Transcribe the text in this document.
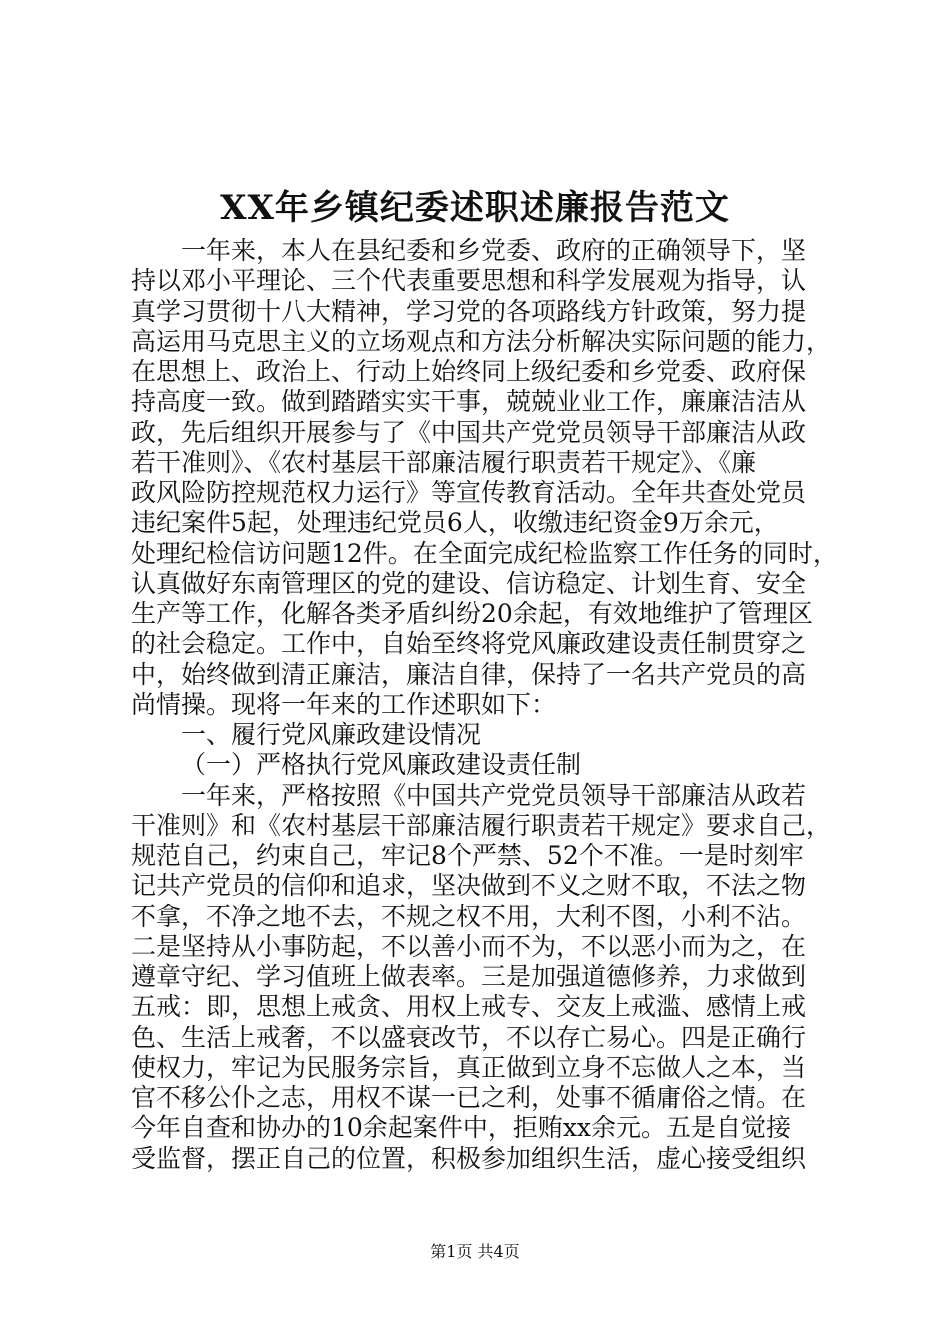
XX年乡镇纪委述职述廉报告范文
一年来，本人在县纪委和乡党委、政府的正确领导下，坚
持以邓小平理论、三个代表重要思想和科学发展观为指导，认
真学习贯彻十八大精神，学习党的各项路线方针政策，努力提
高运用马克思主义的立场观点和方法分析解决实际问题的能力，
在思想上、政治上、行动上始终同上级纪委和乡党委、政府保
持高度一致。做到踏踏实实干事，兢兢业业工作，廉廉洁洁从
政，先后组织开展参与了《中国共产党党员领导干部廉洁从政
若干准则》、《农村基层干部廉洁履行职责若干规定》、《廉
政风险防控规范权力运行》等宣传教育活动。全年共查处党员
违纪案件5起，处理违纪党员6人，收缴违纪资金9万余元，
处理纪检信访问题12件。在全面完成纪检监察工作任务的同时，
认真做好东南管理区的党的建设、信访稳定、计划生育、安全
生产等工作，化解各类矛盾纠纷20余起，有效地维护了管理区
的社会稳定。工作中，自始至终将党风廉政建设责任制贯穿之
中，始终做到清正廉洁，廉洁自律，保持了一名共产党员的高
尚情操。现将一年来的工作述职如下：
一、履行党风廉政建设情况
（一）严格执行党风廉政建设责任制
一年来，严格按照《中国共产党党员领导干部廉洁从政若
干准则》和《农村基层干部廉洁履行职责若干规定》要求自己，
规范自己，约束自己，牢记8个严禁、52个不准。一是时刻牢
记共产党员的信仰和追求，坚决做到不义之财不取，不法之物
不拿，不净之地不去，不规之权不用，大利不图，小利不沾。
二是坚持从小事防起，不以善小而不为，不以恶小而为之，在
遵章守纪、学习值班上做表率。三是加强道德修养，力求做到
五戒：即，思想上戒贪、用权上戒专、交友上戒滥、感情上戒
色、生活上戒奢，不以盛衰改节，不以存亡易心。四是正确行
使权力，牢记为民服务宗旨，真正做到立身不忘做人之本，当
官不移公仆之志，用权不谋一已之利，处事不循庸俗之情。在
今年自查和协办的10余起案件中，拒贿xx余元。五是自觉接
受监督，摆正自己的位置，积极参加组织生活，虚心接受组织
第1页 共4页
